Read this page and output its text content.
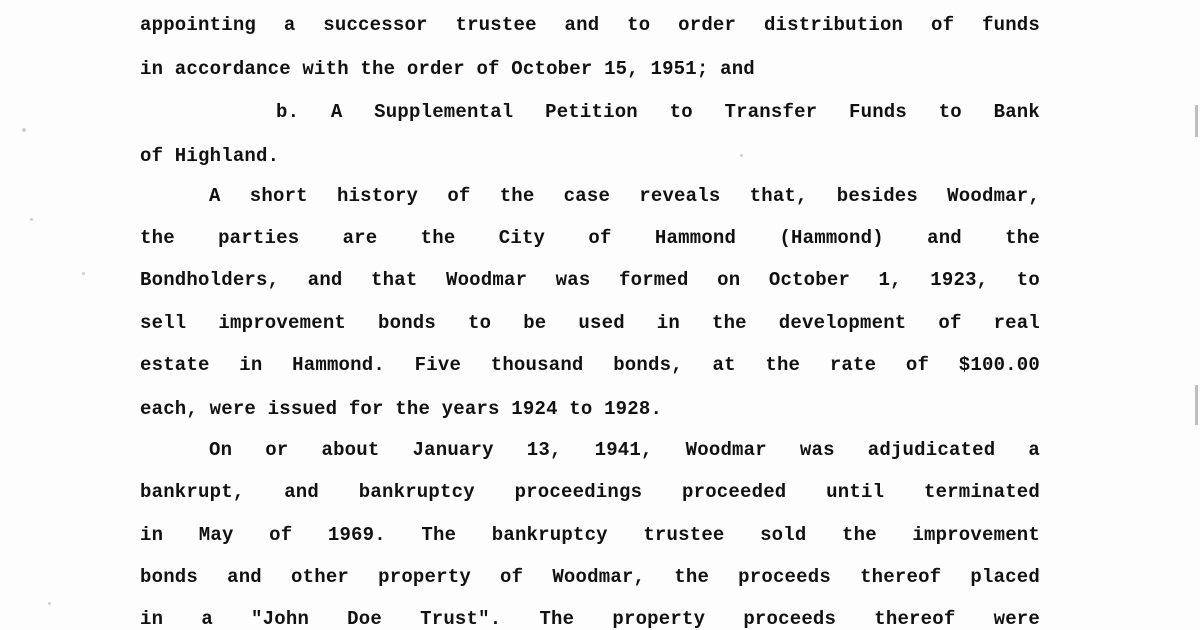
appointing a successor trustee and to order distribution of funds
in accordance with the order of October 15, 1951; and
b. A Supplemental Petition to Transfer Funds to Bank
of Highland.
A short history of the case reveals that, besides Woodmar,
the parties are the City of Hammond (Hammond) and the
Bondholders, and that Woodmar was formed on October 1, 1923, to
sell improvement bonds to be used in the development of real
estate in Hammond. Five thousand bonds, at the rate of $100.00
each, were issued for the years 1924 to 1928.
On or about January 13, 1941, Woodmar was adjudicated a
bankrupt, and bankruptcy proceedings proceeded until terminated
in May of 1969. The bankruptcy trustee sold the improvement
bonds and other property of Woodmar, the proceeds thereof placed
in a "John Doe Trust". The property proceeds thereof were
